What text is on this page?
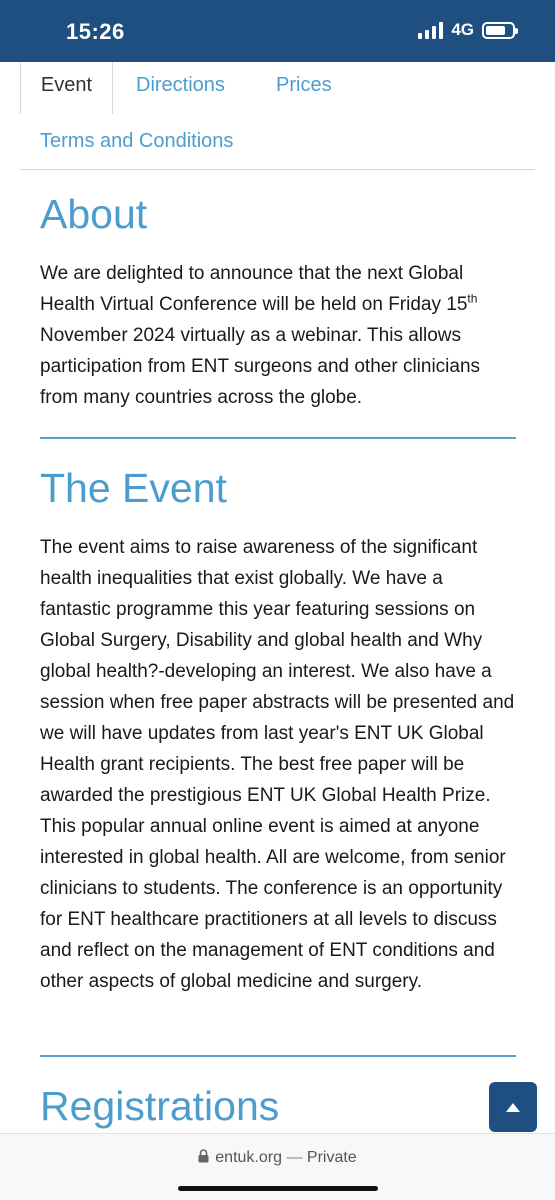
15:26	4G
Event	Directions	Prices
Terms and Conditions
About

We are delighted to announce that the next Global Health Virtual Conference will be held on Friday 15th November 2024 virtually as a webinar. This allows participation from ENT surgeons and other clinicians from many countries across the globe.

The Event

The event aims to raise awareness of the significant health inequalities that exist globally. We have a fantastic programme this year featuring sessions on Global Surgery, Disability and global health and Why global health?-developing an interest. We also have a session when free paper abstracts will be presented and we will have updates from last year's ENT UK Global Health grant recipients. The best free paper will be awarded the prestigious ENT UK Global Health Prize. This popular annual online event is aimed at anyone interested in global health. All are welcome, from senior clinicians to students. The conference is an opportunity for ENT healthcare practitioners at all levels to discuss and reflect on the management of ENT conditions and other aspects of global medicine and surgery.

Registrations
entuk.org — Private
